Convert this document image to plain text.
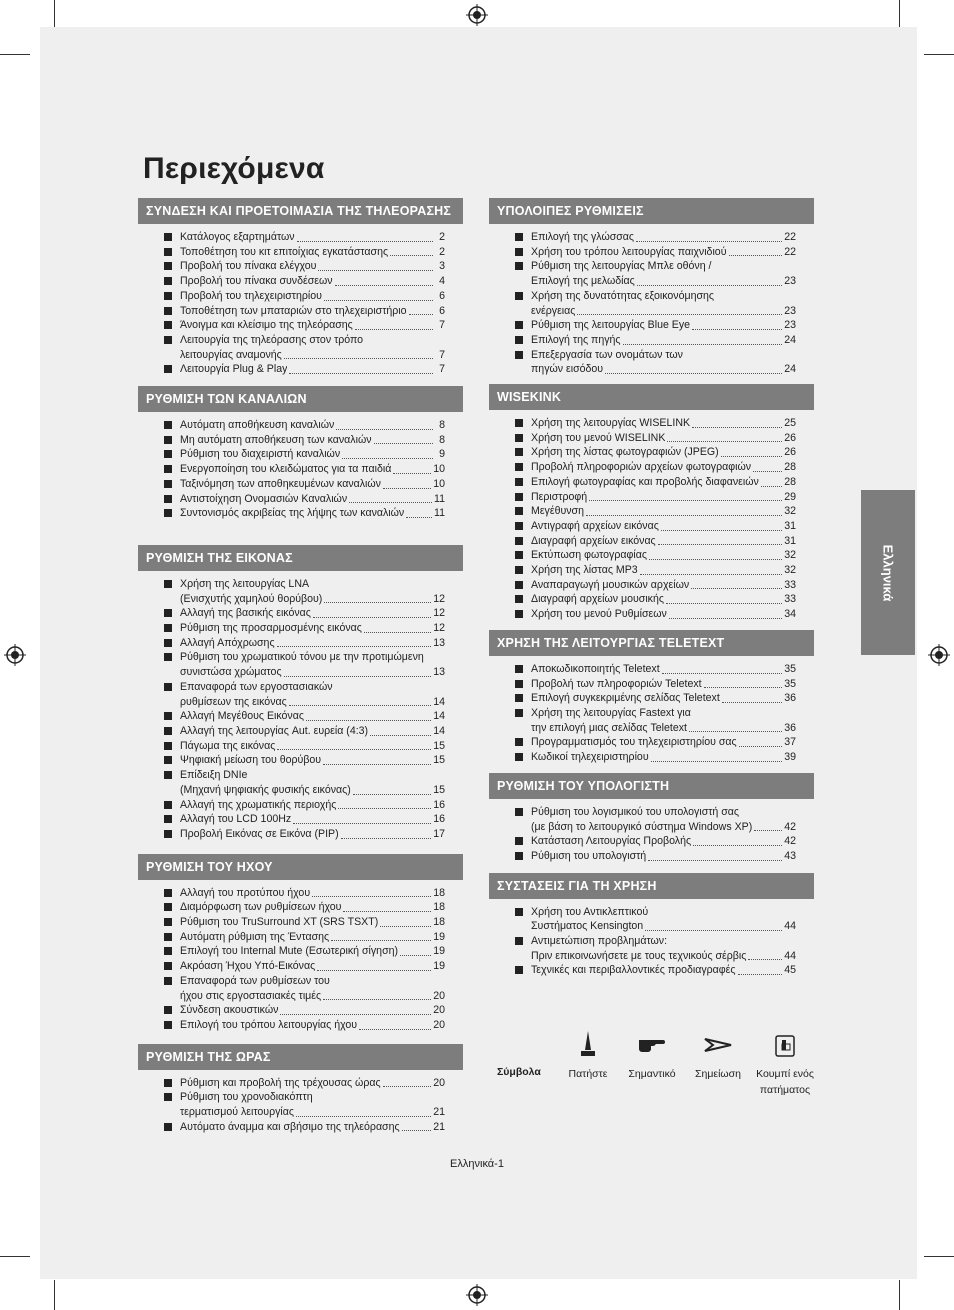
Περιεχόμενα
ΣΥΝΔΕΣΗ ΚΑΙ ΠΡΟΕΤΟΙΜΑΣΙΑ ΤΗΣ ΤΗΛΕΟΡΑΣΗΣ
Κατάλογος εξαρτημάτων	2
Τοποθέτηση του κιτ επιτοίχιας εγκατάστασης	2
Προβολή του πίνακα ελέγχου	3
Προβολή του πίνακα συνδέσεων	4
Προβολή του τηλεχειριστηρίου	6
Τοποθέτηση των μπαταριών στο τηλεχειριστήριο	6
Άνοιγμα και κλείσιμο της τηλεόρασης	7
Λειτουργία της τηλεόρασης στον τρόπο
λειτουργίας αναμονής	7
Λειτουργία Plug & Play	7
ΡΥΘΜΙΣΗ ΤΩΝ ΚΑΝΑΛΙΩΝ
Αυτόματη αποθήκευση καναλιών	8
Μη αυτόματη αποθήκευση των καναλιών	8
Ρύθμιση του διαχειριστή καναλιών	9
Ενεργοποίηση του κλειδώματος για τα παιδιά	10
Ταξινόμηση των αποθηκευμένων καναλιών	10
Αντιστοίχηση Ονομασιών Καναλιών	11
Συντονισμός ακριβείας της λήψης των καναλιών	11
ΡΥΘΜΙΣΗ ΤΗΣ ΕΙΚΟΝΑΣ
Χρήση της λειτουργίας LNA
(Ενισχυτής χαμηλού θορύβου)	12
Αλλαγή της βασικής εικόνας	12
Ρύθμιση της προσαρμοσμένης εικόνας	12
Αλλαγή Απόχρωσης	13
Ρύθμιση του χρωματικού τόνου με την προτιμώμενη
συνιστώσα χρώματος	13
Επαναφορά των εργοστασιακών
ρυθμίσεων της εικόνας	14
Αλλαγή Μεγέθους Εικόνας	14
Αλλαγή της λειτουργίας Aut. ευρεία (4:3)	14
Πάγωμα της εικόνας	15
Ψηφιακή μείωση του θορύβου	15
Επίδειξη DNIe
(Μηχανή ψηφιακής φυσικής εικόνας)	15
Αλλαγή της χρωματικής περιοχής	16
Αλλαγή του LCD 100Hz	16
Προβολή Εικόνας σε Εικόνα (PIP)	17
ΡΥΘΜΙΣΗ ΤΟΥ ΗΧΟΥ
Αλλαγή του προτύπου ήχου	18
Διαμόρφωση των ρυθμίσεων ήχου	18
Ρύθμιση του TruSurround XT (SRS TSXT)	18
Αυτόματη ρύθμιση της Έντασης	19
Επιλογή του Internal Mute (Εσωτερική σίγηση)	19
Ακρόαση Ήχου Υπό-Εικόνας	19
Επαναφορά των ρυθμίσεων του
ήχου στις εργοστασιακές τιμές	20
Σύνδεση ακουστικών	20
Επιλογή του τρόπου λειτουργίας ήχου	20
ΡΥΘΜΙΣΗ ΤΗΣ ΩΡΑΣ
Ρύθμιση και προβολή της τρέχουσας ώρας	20
Ρύθμιση του χρονοδιακόπτη
τερματισμού λειτουργίας	21
Αυτόματο άναμμα και σβήσιμο της τηλεόρασης	21
ΥΠΟΛΟΙΠΕΣ ΡΥΘΜΙΣΕΙΣ
Επιλογή της γλώσσας	22
Χρήση του τρόπου λειτουργίας παιχνιδιού	22
Ρύθμιση της λειτουργίας Μπλε οθόνη /
Επιλογή της μελωδίας	23
Χρήση της δυνατότητας εξοικονόμησης
ενέργειας	23
Ρύθμιση της λειτουργίας Blue Eye	23
Επιλογή της πηγής	24
Επεξεργασία των ονομάτων των
πηγών εισόδου	24
WISEKINK
Χρήση της λειτουργίας WISELINK	25
Χρήση του μενού WISELINK	26
Χρήση της λίστας φωτογραφιών (JPEG)	26
Προβολή πληροφοριών αρχείων φωτογραφιών	28
Επιλογή φωτογραφίας και προβολής διαφανειών 28
Περιστροφή	29
Μεγέθυνση	32
Αντιγραφή αρχείων εικόνας	31
Διαγραφή αρχείων εικόνας	31
Εκτύπωση φωτογραφίας	32
Χρήση της λίστας MP3	32
Αναπαραγωγή μουσικών αρχείων	33
Διαγραφή αρχείων μουσικής	33
Χρήση του μενού Ρυθμίσεων	34
ΧΡΗΣΗ ΤΗΣ ΛΕΙΤΟΥΡΓΙΑΣ TELETEXT
Αποκωδικοποιητής Teletext	35
Προβολή των πληροφοριών Teletext	35
Επιλογή συγκεκριμένης σελίδας Teletext	36
Χρήση της λειτουργίας Fastext για
την επιλογή μιας σελίδας Teletext	36
Προγραμματισμός του τηλεχειριστηρίου σας	37
Κωδικοί τηλεχειριστηρίου	39
ΡΥΘΜΙΣΗ ΤΟΥ ΥΠΟΛΟΓΙΣΤΗ
Ρύθμιση του λογισμικού του υπολογιστή σας
(με βάση το λειτουργικό σύστημα Windows XP)	42
Κατάσταση Λειτουργίας Προβολής	42
Ρύθμιση του υπολογιστή	43
ΣΥΣΤΑΣΕΙΣ ΓΙΑ ΤΗ ΧΡΗΣΗ
Χρήση του Αντικλεπτικού
Συστήματος Kensington	44
Αντιμετώπιση προβλημάτων:
Πριν επικοινωνήσετε με τους τεχνικούς σέρβις	44
Τεχνικές και περιβαλλοντικές προδιαγραφές	45
Ελληνικά
Σύμβολα	Πατήστε Σημαντικό Σημείωση Κουμπί ενός
πατήματος
Ελληνικά-1
